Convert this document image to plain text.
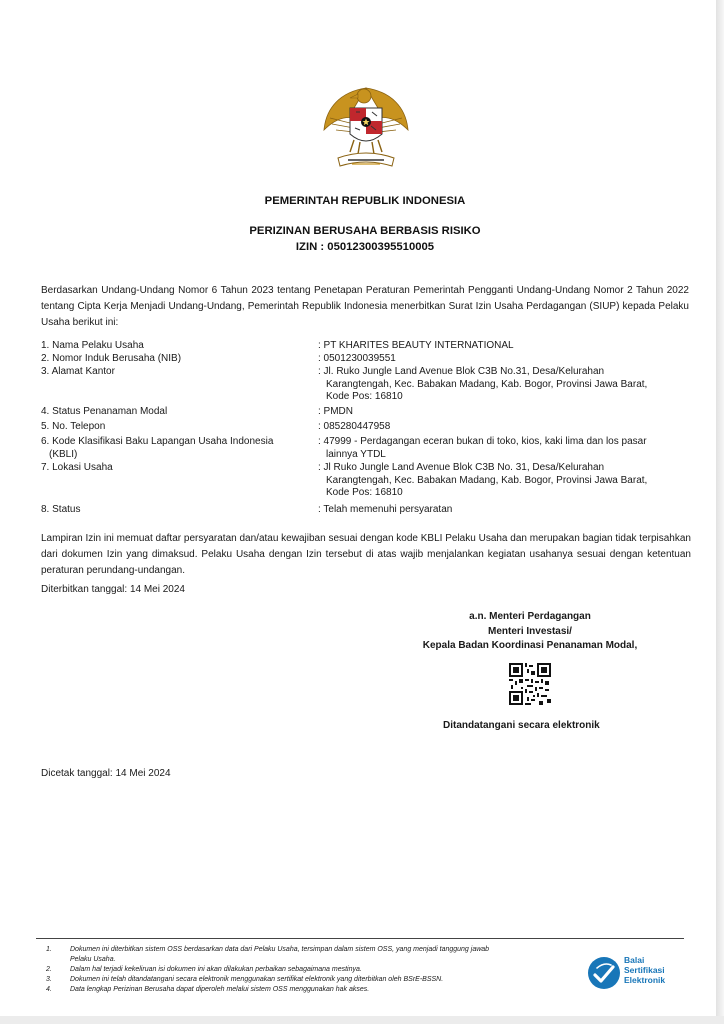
PEMERINTAH REPUBLIK INDONESIA
PERIZINAN BERUSAHA BERBASIS RISIKO
IZIN : 05012300395510005

Berdasarkan Undang-Undang Nomor 6 Tahun 2023 tentang Penetapan Peraturan Pemerintah Pengganti Undang-Undang Nomor 2 Tahun 2022 tentang Cipta Kerja Menjadi Undang-Undang, Pemerintah Republik Indonesia menerbitkan Surat Izin Usaha Perdagangan (SIUP) kepada Pelaku Usaha berikut ini:

1. Nama Pelaku Usaha	: PT KHARITES BEAUTY INTERNATIONAL
2. Nomor Induk Berusaha (NIB)	: 0501230039551
3. Alamat Kantor	: Jl. Ruko Jungle Land Avenue Blok C3B No.31, Desa/Kelurahan
Karangtengah, Kec. Babakan Madang, Kab. Bogor, Provinsi Jawa Barat,
Kode Pos: 16810
4. Status Penanaman Modal	: PMDN
5. No. Telepon	: 085280447958
6. Kode Klasifikasi Baku Lapangan Usaha Indonesia
(KBLI)
: 47999 - Perdagangan eceran bukan di toko, kios, kaki lima dan los pasar
lainnya YTDL
7. Lokasi Usaha	: Jl Ruko Jungle Land Avenue Blok C3B No. 31, Desa/Kelurahan
Karangtengah, Kec. Babakan Madang, Kab. Bogor, Provinsi Jawa Barat,
Kode Pos: 16810
8. Status	: Telah memenuhi persyaratan

Lampiran Izin ini memuat daftar persyaratan dan/atau kewajiban sesuai dengan kode KBLI Pelaku Usaha dan merupakan bagian tidak terpisahkan dari dokumen Izin yang dimaksud. Pelaku Usaha dengan Izin tersebut di atas wajib menjalankan kegiatan usahanya sesuai dengan ketentuan peraturan perundang-undangan.

Diterbitkan tanggal: 14 Mei 2024
a.n. Menteri Perdagangan
Menteri Investasi/
Kepala Badan Koordinasi Penanaman Modal,
Ditandatangani secara elektronik
Dicetak tanggal: 14 Mei 2024
1.	Dokumen ini diterbitkan sistem OSS berdasarkan data dari Pelaku Usaha, tersimpan dalam sistem OSS, yang menjadi tanggung jawab
Pelaku Usaha.
2.	Dalam hal terjadi kekeliruan isi dokumen ini akan dilakukan perbaikan sebagaimana mestinya.
3.	Dokumen ini telah ditandatangani secara elektronik menggunakan sertifikat elektronik yang diterbitkan oleh BSrE-BSSN.
4.	Data lengkap Perizinan Berusaha dapat diperoleh melalui sistem OSS menggunakan hak akses.
Balai
Sertifikasi
Elektronik
